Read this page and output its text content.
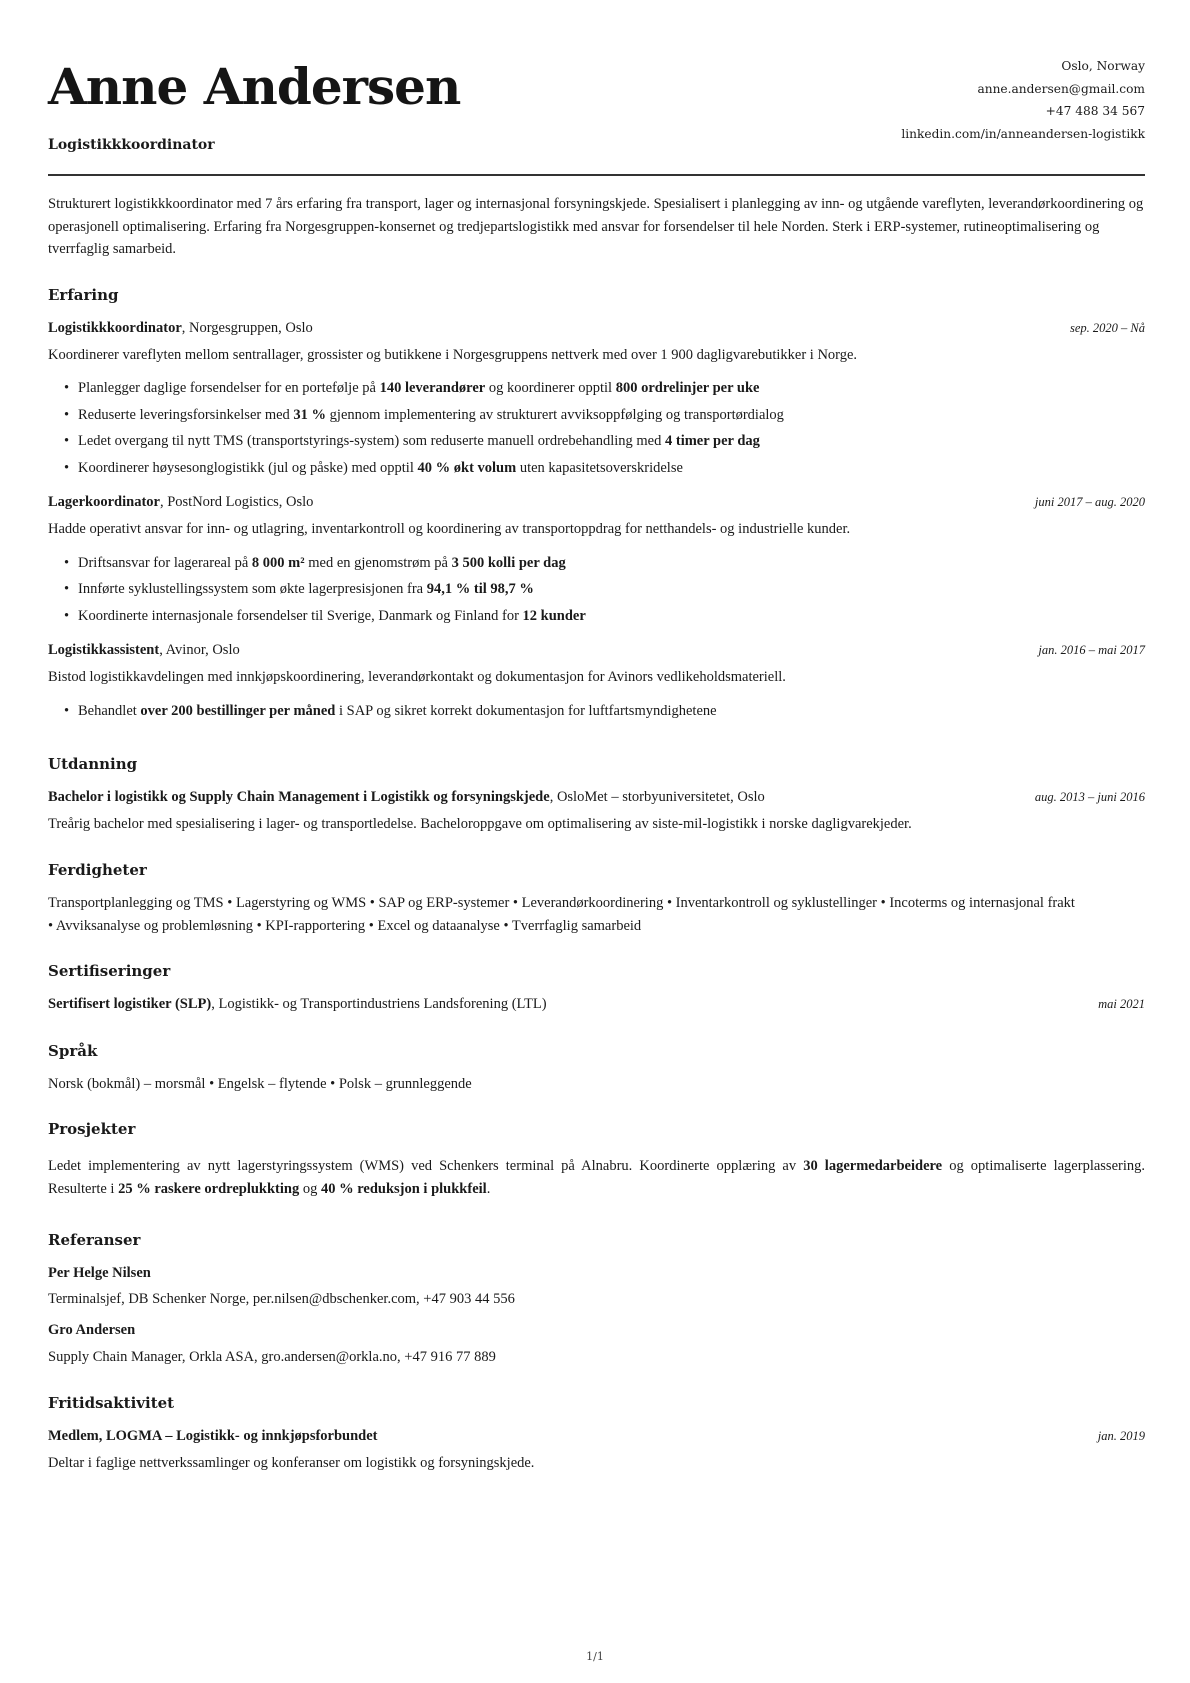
Anne Andersen
Logistikkkoordinator
Oslo, Norway
anne.andersen@gmail.com
+47 488 34 567
linkedin.com/in/anneandersen-logistikk

Strukturert logistikkkoordinator med 7 års erfaring fra transport, lager og internasjonal forsyningskjede. Spesialisert i planlegging av inn- og utgående vareflyten, leverandørkoordinering og operasjonell optimalisering. Erfaring fra Norgesgruppen-konsernet og tredjepartslogistikk med ansvar for forsendelser til hele Norden. Sterk i ERP-systemer, rutineoptimalisering og tverrfaglig samarbeid.

Erfaring
Logistikkkoordinator, Norgesgruppen, Oslo	sep. 2020 – Nå
Koordinerer vareflyten mellom sentrallager, grossister og butikkene i Norgesgruppens nettverk med over 1 900 dagligvarebutikker i Norge.
• Planlegger daglige forsendelser for en portefølje på 140 leverandører og koordinerer opptil 800 ordrelinjer per uke
• Reduserte leveringsforsinkelser med 31 % gjennom implementering av strukturert avviksoppfølging og transportørdialog
• Ledet overgang til nytt TMS (transportstyrings-system) som reduserte manuell ordrebehandling med 4 timer per dag
• Koordinerer høysesonglogistikk (jul og påske) med opptil 40 % økt volum uten kapasitetsoverskridelse
Lagerkoordinator, PostNord Logistics, Oslo	juni 2017 – aug. 2020
Hadde operativt ansvar for inn- og utlagring, inventarkontroll og koordinering av transportoppdrag for netthandels- og industrielle kunder.
• Driftsansvar for lagerareal på 8 000 m² med en gjenomstrøm på 3 500 kolli per dag
• Innførte syklustellingssystem som økte lagerpresisjonen fra 94,1 % til 98,7 %
• Koordinerte internasjonale forsendelser til Sverige, Danmark og Finland for 12 kunder
Logistikkassistent, Avinor, Oslo	jan. 2016 – mai 2017
Bistod logistikkavdelingen med innkjøpskoordinering, leverandørkontakt og dokumentasjon for Avinors vedlikeholdsmateriell.
• Behandlet over 200 bestillinger per måned i SAP og sikret korrekt dokumentasjon for luftfartsmyndighetene
Utdanning
Bachelor i logistikk og Supply Chain Management i Logistikk og forsyningskjede, OsloMet – storbyuniversitetet, Oslo	aug. 2013 – juni 2016
Treårig bachelor med spesialisering i lager- og transportledelse. Bacheloroppgave om optimalisering av siste-mil-logistikk i norske dagligvarekjeder.
Ferdigheter
Transportplanlegging og TMS • Lagerstyring og WMS • SAP og ERP-systemer • Leverandørkoordinering • Inventarkontroll og syklustellinger • Incoterms og internasjonal frakt
• Avviksanalyse og problemløsning • KPI-rapportering • Excel og dataanalyse • Tverrfaglig samarbeid
Sertifiseringer
Sertifisert logistiker (SLP), Logistikk- og Transportindustriens Landsforening (LTL)	mai 2021
Språk
Norsk (bokmål) – morsmål • Engelsk – flytende • Polsk – grunnleggende
Prosjekter
Ledet implementering av nytt lagerstyringssystem (WMS) ved Schenkers terminal på Alnabru. Koordinerte opplæring av 30 lagermedarbeidere og optimaliserte lagerplassering. Resulterte i 25 % raskere ordreplukkting og 40 % reduksjon i plukkfeil.
Referanser
Per Helge Nilsen
Terminalsjef, DB Schenker Norge, per.nilsen@dbschenker.com, +47 903 44 556
Gro Andersen
Supply Chain Manager, Orkla ASA, gro.andersen@orkla.no, +47 916 77 889
Fritidsaktivitet
Medlem, LOGMA – Logistikk- og innkjøpsforbundet	jan. 2019
Deltar i faglige nettverkssamlinger og konferanser om logistikk og forsyningskjede.
1/1
